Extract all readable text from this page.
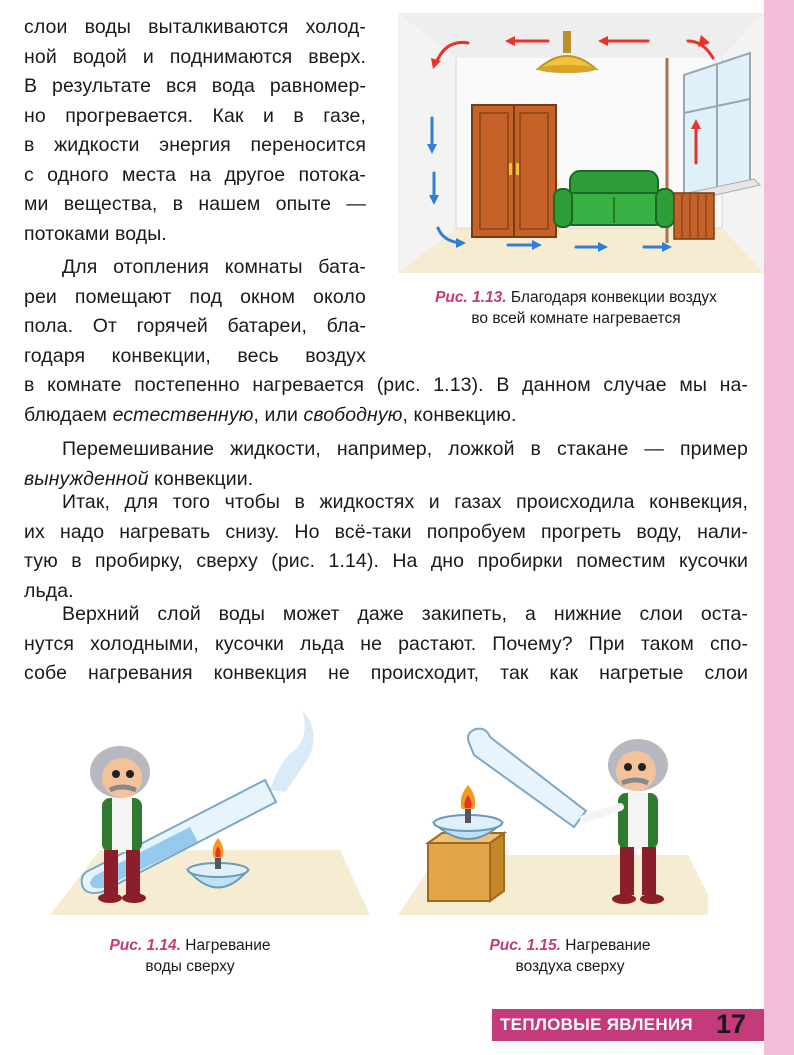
слои воды выталкиваются холод-

ной водой и поднимаются вверх.

В результате вся вода равномер-

но прогревается. Как и в газе,

в жидкости энергия переносится

с одного места на другое потока-

ми вещества, в нашем опыте —

потоками воды.

Для отопления комнаты бата-

реи помещают под окном около

пола. От горячей батареи, бла-

годаря конвекции, весь воздух

в комнате постепенно нагревается (рис. 1.13). В данном случае мы на-

блюдаем естественную, или свободную, конвекцию.

Перемешивание жидкости, например, ложкой в стакане — пример

вынужденной конвекции.

Итак, для того чтобы в жидкостях и газах происходила конвекция,

их надо нагревать снизу. Но всё-таки попробуем прогреть воду, нали-

тую в пробирку, сверху (рис. 1.14). На дно пробирки поместим кусочки

льда.

Верхний слой воды может даже закипеть, а нижние слои оста-

нутся холодными, кусочки льда не растают. Почему? При таком спо-

собе нагревания конвекция не происходит, так как нагретые слои

Рис. 1.13. Благодаря конвекции воздух
во всей комнате нагревается
Рис. 1.14. Нагревание
воды сверху
Рис. 1.15. Нагревание
воздуха сверху
ТЕПЛОВЫЕ ЯВЛЕНИЯ 17
